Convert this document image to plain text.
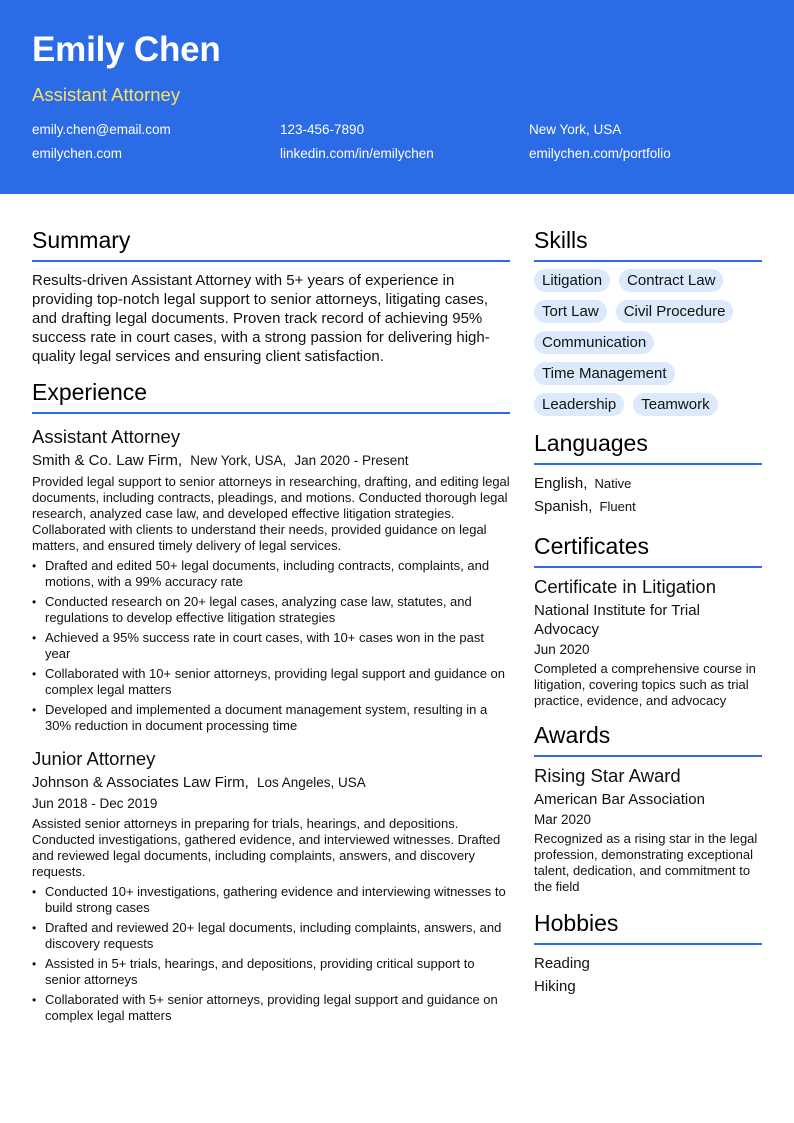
Emily Chen
Assistant Attorney
emily.chen@email.com	123-456-7890	New York, USA
emilychen.com	linkedin.com/in/emilychen	emilychen.com/portfolio
Summary

Results-driven Assistant Attorney with 5+ years of experience in providing top-notch legal support to senior attorneys, litigating cases, and drafting legal documents. Proven track record of achieving 95% success rate in court cases, with a strong passion for delivering high-quality legal services and ensuring client satisfaction.

Experience
Assistant Attorney
Smith & Co. Law Firm, New York, USA, Jan 2020 - Present

Provided legal support to senior attorneys in researching, drafting, and editing legal documents, including contracts, pleadings, and motions. Conducted thorough legal research, analyzed case law, and developed effective litigation strategies. Collaborated with clients to understand their needs, provided guidance on legal matters, and ensured timely delivery of legal services.

• Drafted and edited 50+ legal documents, including contracts, complaints, and motions, with a 99% accuracy rate
• Conducted research on 20+ legal cases, analyzing case law, statutes, and regulations to develop effective litigation strategies
• Achieved a 95% success rate in court cases, with 10+ cases won in the past year
• Collaborated with 10+ senior attorneys, providing legal support and guidance on complex legal matters
• Developed and implemented a document management system, resulting in a 30% reduction in document processing time
Junior Attorney
Johnson & Associates Law Firm, Los Angeles, USA
Jun 2018 - Dec 2019

Assisted senior attorneys in preparing for trials, hearings, and depositions. Conducted investigations, gathered evidence, and interviewed witnesses. Drafted and reviewed legal documents, including complaints, answers, and discovery requests.

• Conducted 10+ investigations, gathering evidence and interviewing witnesses to build strong cases
• Drafted and reviewed 20+ legal documents, including complaints, answers, and discovery requests
• Assisted in 5+ trials, hearings, and depositions, providing critical support to senior attorneys
• Collaborated with 5+ senior attorneys, providing legal support and guidance on complex legal matters
Skills
Litigation	Contract Law
Tort Law	Civil Procedure
Communication
Time Management
Leadership	Teamwork
Languages
English, Native
Spanish, Fluent
Certificates
Certificate in Litigation
National Institute for Trial Advocacy
Jun 2020

Completed a comprehensive course in litigation, covering topics such as trial practice, evidence, and advocacy

Awards
Rising Star Award
American Bar Association
Mar 2020

Recognized as a rising star in the legal profession, demonstrating exceptional talent, dedication, and commitment to the field

Hobbies
Reading
Hiking
